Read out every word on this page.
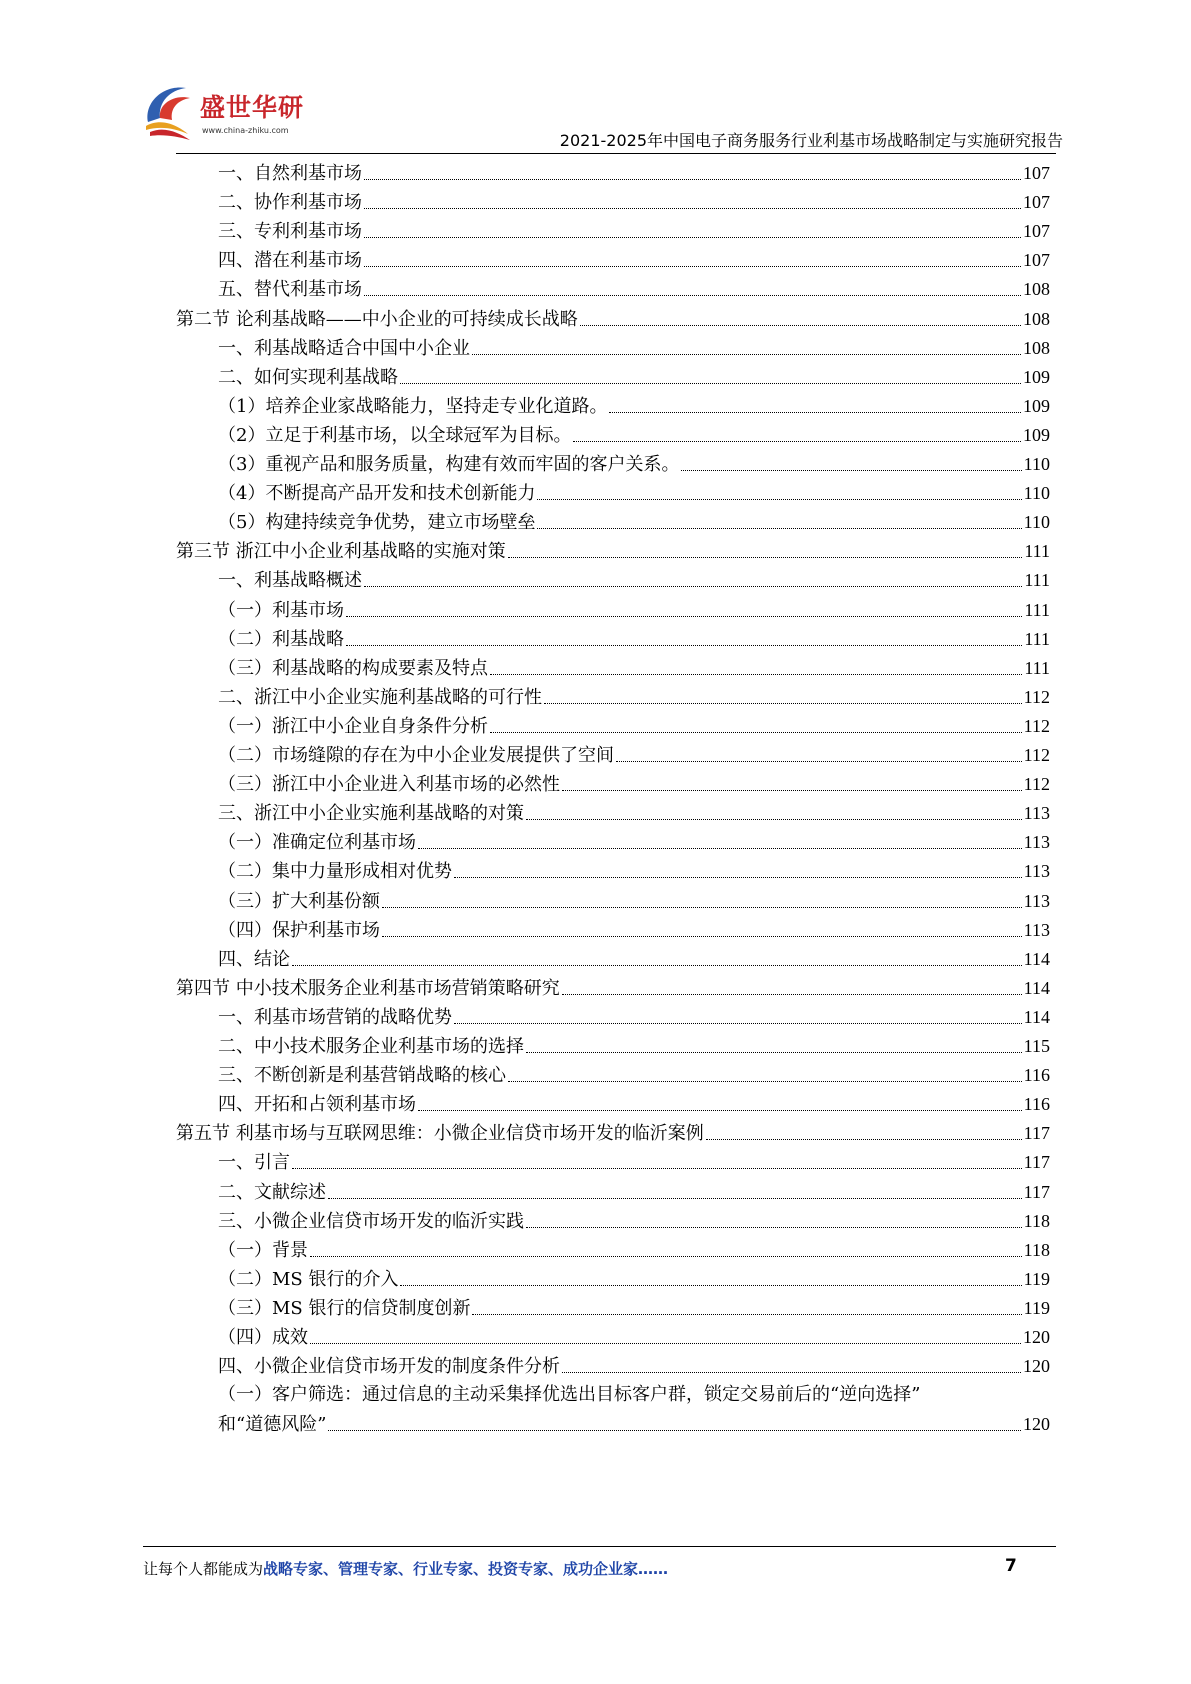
盛世华研
www.china-zhiku.com
2021-2025年中国电子商务服务行业利基市场战略制定与实施研究报告
一、自然利基市场	107
二、协作利基市场	107
三、专利利基市场	107
四、潜在利基市场	107
五、替代利基市场	108
第二节 论利基战略——中小企业的可持续成长战略	108
一、利基战略适合中国中小企业	108
二、如何实现利基战略	109
（1）培养企业家战略能力，坚持走专业化道路。	109
（2）立足于利基市场，以全球冠军为目标。	109
（3）重视产品和服务质量，构建有效而牢固的客户关系。	110
（4）不断提高产品开发和技术创新能力	110
（5）构建持续竞争优势，建立市场壁垒	110
第三节 浙江中小企业利基战略的实施对策	111
一、利基战略概述	111
（一）利基市场	111
（二）利基战略	111
（三）利基战略的构成要素及特点	111
二、浙江中小企业实施利基战略的可行性	112
（一）浙江中小企业自身条件分析	112
（二）市场缝隙的存在为中小企业发展提供了空间	112
（三）浙江中小企业进入利基市场的必然性	112
三、浙江中小企业实施利基战略的对策	113
（一）准确定位利基市场	113
（二）集中力量形成相对优势	113
（三）扩大利基份额	113
（四）保护利基市场	113
四、结论	114
第四节 中小技术服务企业利基市场营销策略研究	114
一、利基市场营销的战略优势	114
二、中小技术服务企业利基市场的选择	115
三、不断创新是利基营销战略的核心	116
四、开拓和占领利基市场	116
第五节 利基市场与互联网思维：小微企业信贷市场开发的临沂案例	117
一、引言	117
二、文献综述	117
三、小微企业信贷市场开发的临沂实践	118
（一）背景	118
（二）MS 银行的介入	119
（三）MS 银行的信贷制度创新	119
（四）成效	120
四、小微企业信贷市场开发的制度条件分析	120
（一）客户筛选：通过信息的主动采集择优选出目标客户群，锁定交易前后的“逆向选择”
和“道德风险”	120
让每个人都能成为战略专家、管理专家、行业专家、投资专家、成功企业家……	7
